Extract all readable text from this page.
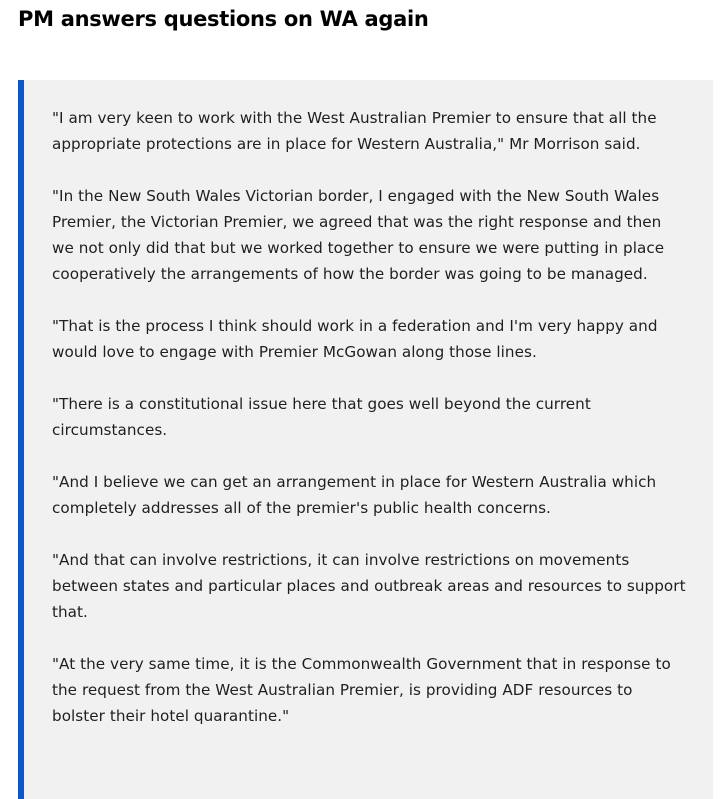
PM answers questions on WA again

"I am very keen to work with the West Australian Premier to ensure that all the appropriate protections are in place for Western Australia," Mr Morrison said.

"In the New South Wales Victorian border, I engaged with the New South Wales Premier, the Victorian Premier, we agreed that was the right response and then we not only did that but we worked together to ensure we were putting in place cooperatively the arrangements of how the border was going to be managed.

"That is the process I think should work in a federation and I'm very happy and would love to engage with Premier McGowan along those lines.

"There is a constitutional issue here that goes well beyond the current circumstances.

"And I believe we can get an arrangement in place for Western Australia which completely addresses all of the premier's public health concerns.

"And that can involve restrictions, it can involve restrictions on movements between states and particular places and outbreak areas and resources to support that.

"At the very same time, it is the Commonwealth Government that in response to the request from the West Australian Premier, is providing ADF resources to bolster their hotel quarantine."
